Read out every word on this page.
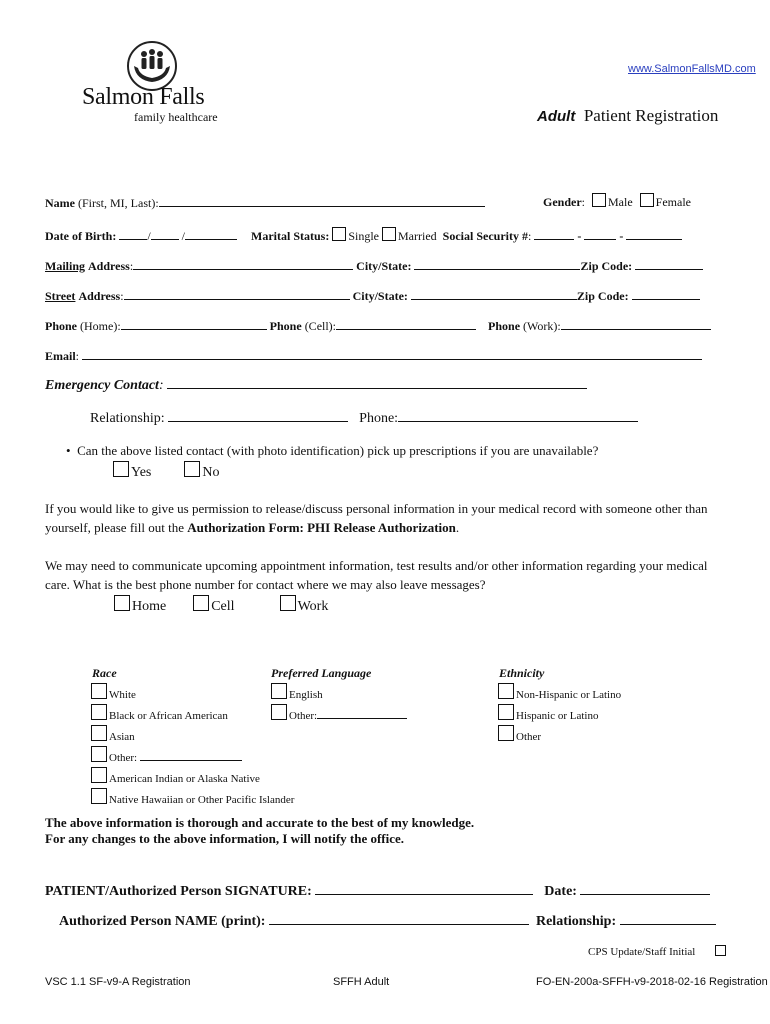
Salmon Falls
family healthcare
www.SalmonFallsMD.com
Adult Patient Registration
Name (First, MI, Last):	Gender: Male Female
Date of Birth:	/	/	Marital Status: Single Married Social Security #:	-	-
Mailing Address:	City/State:	Zip Code:
Street Address:	City/State:	Zip Code:
Phone (Home):	Phone (Cell):	Phone (Work):
Email:
Emergency Contact:
Relationship:	Phone:
• Can the above listed contact (with photo identification) pick up prescriptions if you are unavailable?
Yes	No
If you would like to give us permission to release/discuss personal information in your medical record with someone other than
yourself, please fill out the Authorization Form: PHI Release Authorization.
We may need to communicate upcoming appointment information, test results and/or other information regarding your medical
care. What is the best phone number for contact where we may also leave messages?
Home	Cell	Work
Race
White
Black or African American
Asian
Other:
American Indian or Alaska Native
Native Hawaiian or Other Pacific Islander
Preferred Language
English
Other:
Ethnicity
Non-Hispanic or Latino
Hispanic or Latino
Other
The above information is thorough and accurate to the best of my knowledge.
For any changes to the above information, I will notify the office.
PATIENT/Authorized Person SIGNATURE:	Date:
Authorized Person NAME (print):	Relationship:
CPS Update/Staff Initial
VSC 1.1 SF-v9-A Registration	SFFH Adult	FO-EN-200a-SFFH-v9-2018-02-16 Registration
